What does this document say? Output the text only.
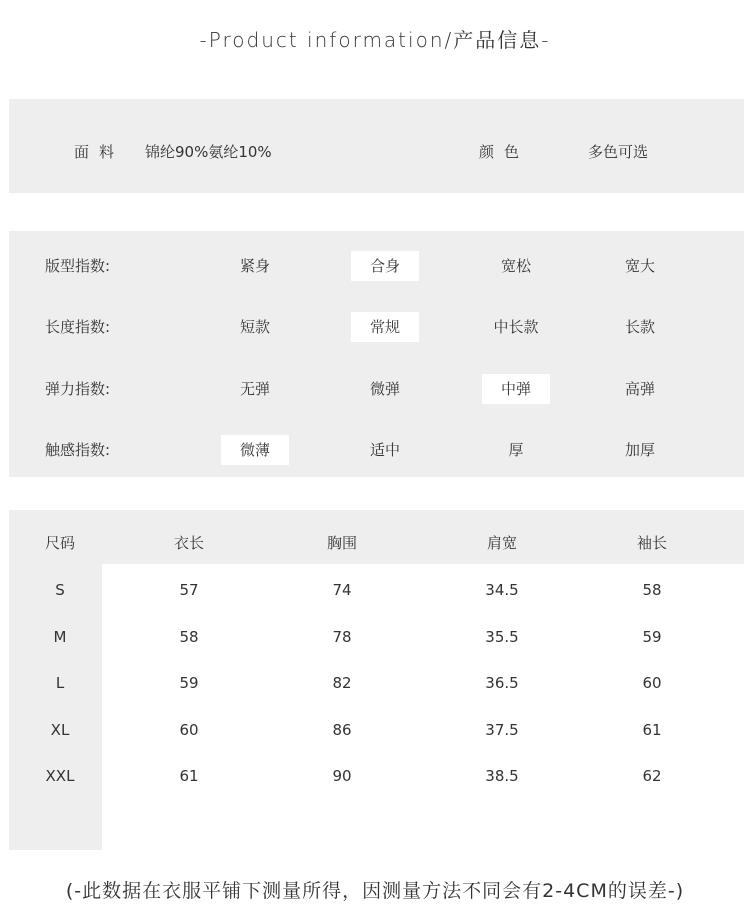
-Product information/产品信息-
面料 锦纶90%氨纶10%	颜色	多色可选
版型指数:	紧身	合身	宽松	宽大
长度指数:	短款	常规	中长款	长款
弹力指数:	无弹	微弹	中弹	高弹
触感指数:	微薄	适中	厚	加厚
尺码	衣长	胸围	肩宽	袖长
S	57	74	34.5	58
M	58	78	35.5	59
L	59	82	36.5	60
XL	60	86	37.5	61
XXL	61	90	38.5	62
(-此数据在衣服平铺下测量所得，因测量方法不同会有2-4CM的误差-)
